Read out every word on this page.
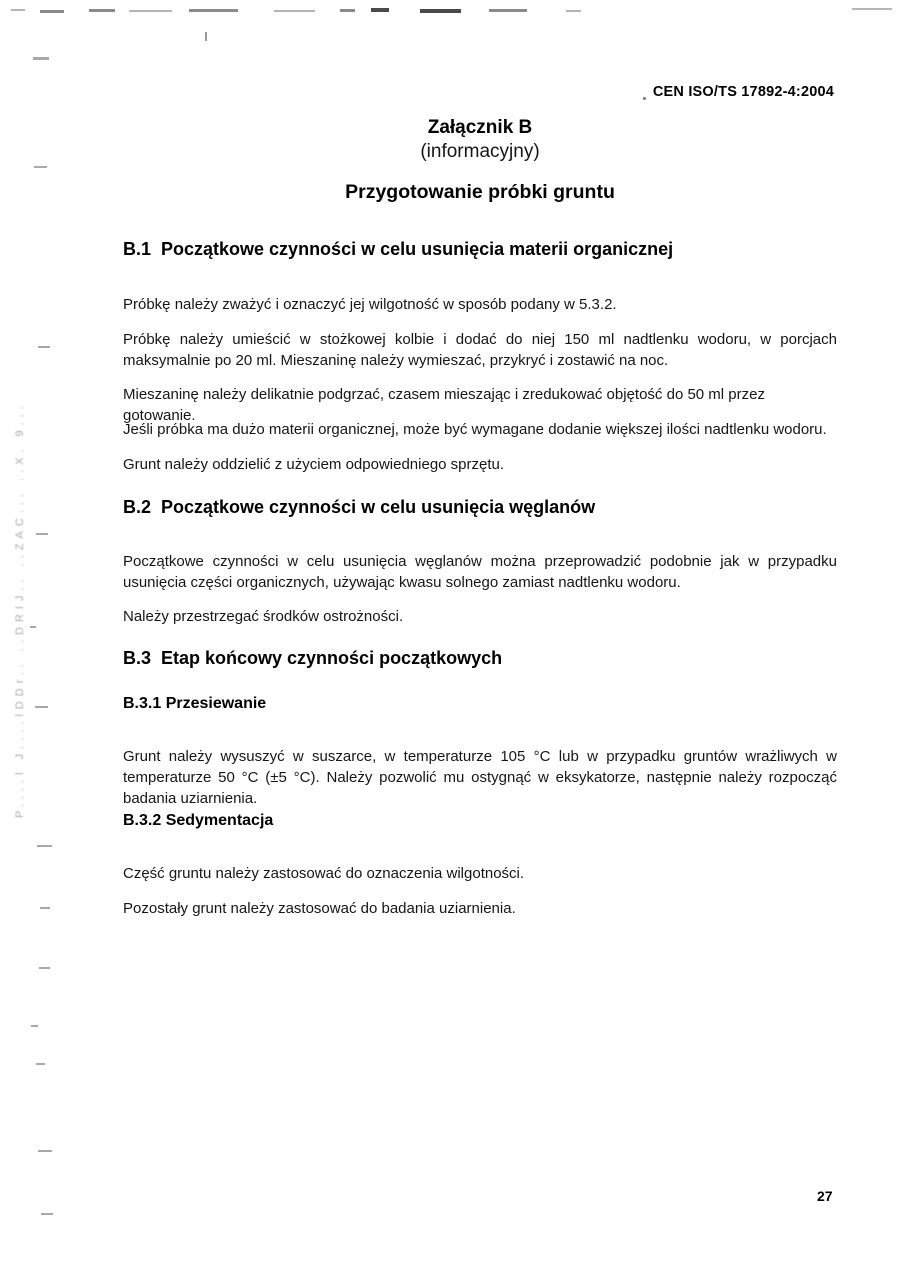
P....l J....lDDr.. ..DRIJ.. ..ZAC... ..X. 9...
CEN ISO/TS 17892-4:2004
Załącznik B
(informacyjny)
Przygotowanie próbki gruntu
B.1  Początkowe czynności w celu usunięcia materii organicznej

Próbkę należy zważyć i oznaczyć jej wilgotność w sposób podany w 5.3.2.

Próbkę należy umieścić w stożkowej kolbie i dodać do niej 150 ml nadtlenku wodoru, w porcjach maksymalnie po 20 ml. Mieszaninę należy wymieszać, przykryć i zostawić na noc.

Mieszaninę należy delikatnie podgrzać, czasem mieszając i zredukować objętość do 50 ml przez gotowanie.

Jeśli próbka ma dużo materii organicznej, może być wymagane dodanie większej ilości nadtlenku wodoru.

Grunt należy oddzielić z użyciem odpowiedniego sprzętu.

B.2  Początkowe czynności w celu usunięcia węglanów

Początkowe czynności w celu usunięcia węglanów można przeprowadzić podobnie jak w przypadku usunięcia części organicznych, używając kwasu solnego zamiast nadtlenku wodoru.

Należy przestrzegać środków ostrożności.

B.3  Etap końcowy czynności początkowych
B.3.1 Przesiewanie

Grunt należy wysuszyć w suszarce, w temperaturze 105 °C lub w przypadku gruntów wrażliwych w temperaturze 50 °C (±5 °C). Należy pozwolić mu ostygnąć w eksykatorze, następnie należy rozpocząć badania uziarnienia.

B.3.2 Sedymentacja

Część gruntu należy zastosować do oznaczenia wilgotności.

Pozostały grunt należy zastosować do badania uziarnienia.

27
